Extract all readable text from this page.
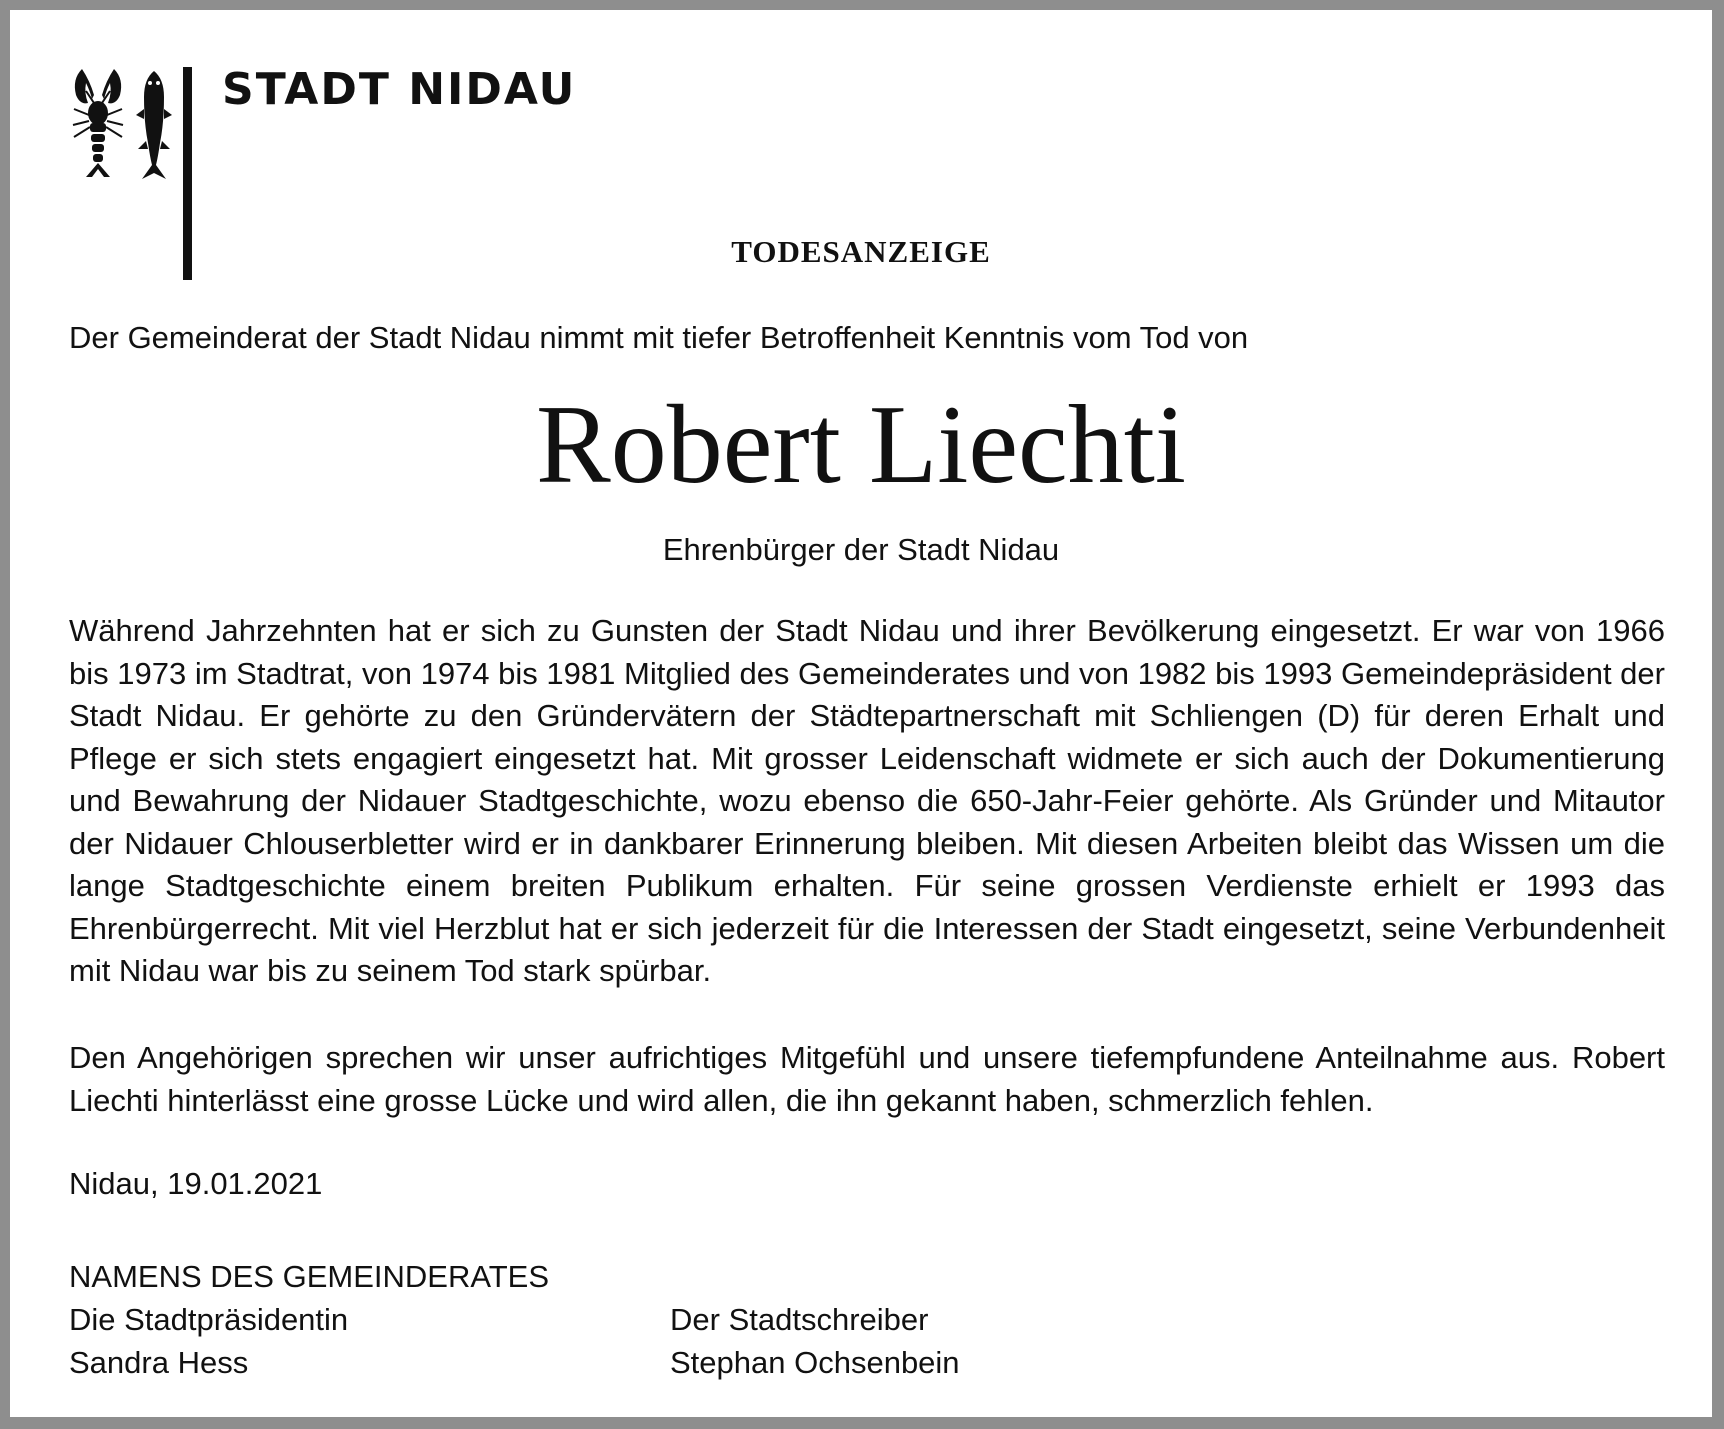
STADT NIDAU
TODESANZEIGE
Der Gemeinderat der Stadt Nidau nimmt mit tiefer Betroffenheit Kenntnis vom Tod von
Robert Liechti
Ehrenbürger der Stadt Nidau
Während Jahrzehnten hat er sich zu Gunsten der Stadt Nidau und ihrer Bevölkerung eingesetzt. Er war von 1966 bis 1973 im Stadtrat, von 1974 bis 1981 Mitglied des Gemeinderates und von 1982 bis 1993 Gemeindepräsident der Stadt Nidau. Er gehörte zu den Gründervätern der Städtepartnerschaft mit Schliengen (D) für deren Erhalt und Pflege er sich stets engagiert eingesetzt hat. Mit grosser Leidenschaft widmete er sich auch der Dokumentierung und Bewahrung der Nidauer Stadtgeschichte, wozu ebenso die 650-Jahr-Feier gehörte. Als Gründer und Mitautor der Nidauer Chlouserbletter wird er in dankbarer Erinnerung bleiben. Mit diesen Arbeiten bleibt das Wissen um die lange Stadtgeschichte einem breiten Publikum erhalten. Für seine grossen Verdienste erhielt er 1993 das Ehrenbürgerrecht. Mit viel Herzblut hat er sich jederzeit für die Interessen der Stadt eingesetzt, seine Verbundenheit mit Nidau war bis zu seinem Tod stark spürbar.
Den Angehörigen sprechen wir unser aufrichtiges Mitgefühl und unsere tiefempfundene Anteilnahme aus. Robert Liechti hinterlässt eine grosse Lücke und wird allen, die ihn gekannt haben, schmerzlich fehlen.
Nidau, 19.01.2021
NAMENS DES GEMEINDERATES
Die Stadtpräsidentin
Sandra Hess
Der Stadtschreiber
Stephan Ochsenbein
